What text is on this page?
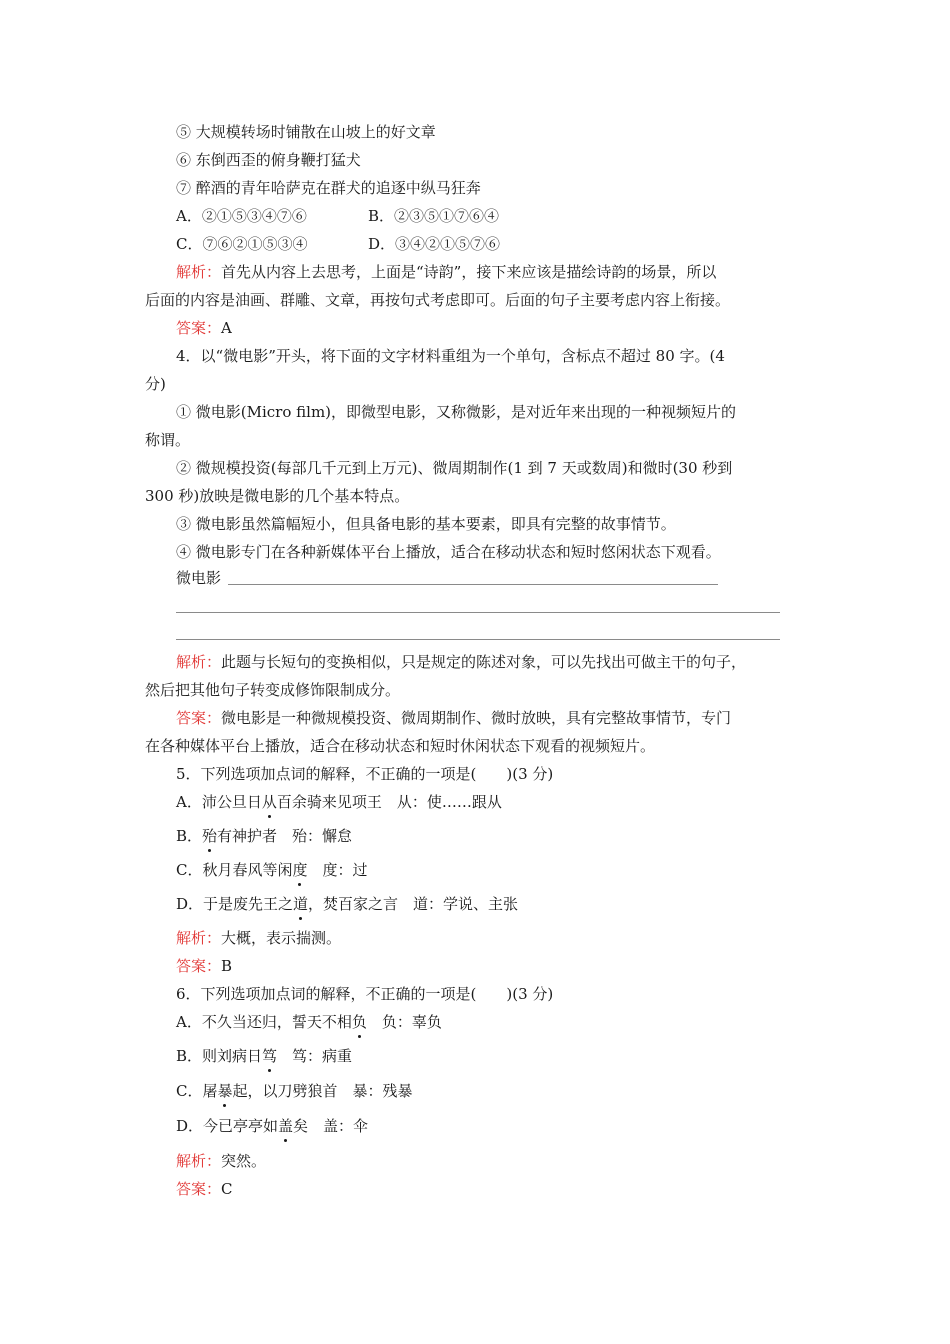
⑤ 大规模转场时铺散在山坡上的好文章
⑥ 东倒西歪的俯身鞭打猛犬
⑦ 醉酒的青年哈萨克在群犬的追逐中纵马狂奔
A．②①⑤③④⑦⑥	B．②③⑤①⑦⑥④
C．⑦⑥②①⑤③④	D．③④②①⑤⑦⑥
解析：首先从内容上去思考，上面是“诗韵”，接下来应该是描绘诗韵的场景，所以
后面的内容是油画、群雕、文章，再按句式考虑即可。后面的句子主要考虑内容上衔接。
答案：A
4．以“微电影”开头，将下面的文字材料重组为一个单句，含标点不超过 80 字。(4
分)
① 微电影(Micro film)，即微型电影，又称微影，是对近年来出现的一种视频短片的
称谓。
② 微规模投资(每部几千元到上万元)、微周期制作(1 到 7 天或数周)和微时(30 秒到
300 秒)放映是微电影的几个基本特点。
③ 微电影虽然篇幅短小，但具备电影的基本要素，即具有完整的故事情节。
④ 微电影专门在各种新媒体平台上播放，适合在移动状态和短时悠闲状态下观看。
微电影
解析：此题与长短句的变换相似，只是规定的陈述对象，可以先找出可做主干的句子，
然后把其他句子转变成修饰限制成分。
答案：微电影是一种微规模投资、微周期制作、微时放映，具有完整故事情节，专门
在各种媒体平台上播放，适合在移动状态和短时休闲状态下观看的视频短片。
5．下列选项加点词的解释，不正确的一项是(　　)(3 分)
A．沛公旦日从百余骑来见项王　从：使……跟从
B．殆有神护者　殆：懈怠
C．秋月春风等闲度　度：过
D．于是废先王之道，焚百家之言　道：学说、主张
解析：大概，表示揣测。
答案：B
6．下列选项加点词的解释，不正确的一项是(　　)(3 分)
A．不久当还归，誓天不相负　负：辜负
B．则刘病日笃　笃：病重
C．屠暴起，以刀劈狼首　暴：残暴
D．今已亭亭如盖矣　盖：伞
解析：突然。
答案：C
